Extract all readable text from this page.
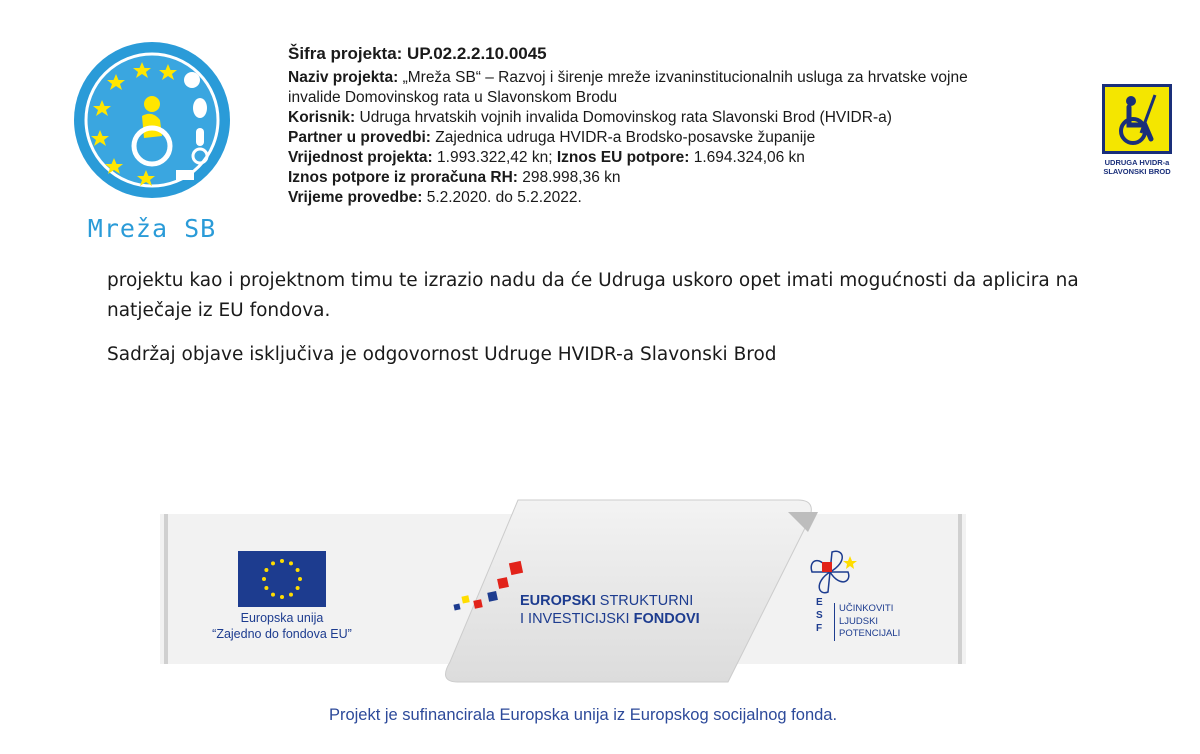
Mreža SB
Šifra projekta: UP.02.2.2.10.0045
Naziv projekta: „Mreža SB“ – Razvoj i širenje mreže izvaninstitucionalnih usluga za hrvatske vojne
invalide Domovinskog rata u Slavonskom Brodu
Korisnik: Udruga hrvatskih vojnih invalida Domovinskog rata Slavonski Brod (HVIDR-a)
Partner u provedbi: Zajednica udruga HVIDR-a Brodsko-posavske županije
Vrijednost projekta: 1.993.322,42 kn; Iznos EU potpore: 1.694.324,06 kn
Iznos potpore iz proračuna RH: 298.998,36 kn
Vrijeme provedbe: 5.2.2020. do 5.2.2022.
UDRUGA HVIDR-a
SLAVONSKI BROD

projektu kao i projektnom timu te izrazio nadu da će Udruga uskoro opet imati mogućnosti da aplicira na
natječaje iz EU fondova.

Sadržaj objave isključiva je odgovornost Udruge HVIDR-a Slavonski Brod

Europska unija
“Zajedno do fondova EU”
EUROPSKI STRUKTURNI
I INVESTICIJSKI FONDOVI
E
S
F
UČINKOVITI
LJUDSKI
POTENCIJALI
Projekt je sufinancirala Europska unija iz Europskog socijalnog fonda.
